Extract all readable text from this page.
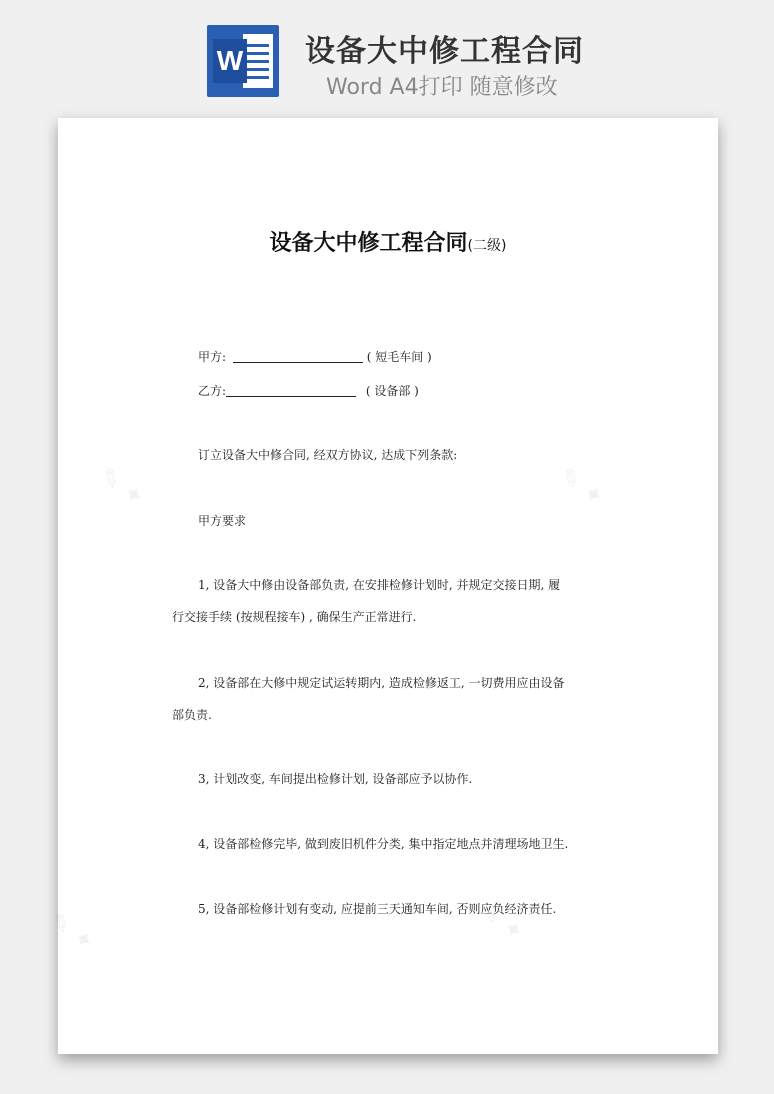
W 设备大中修工程合同
Word A4打印 随意修改
✎ ✦	✎ ✦
✎ ✦	✎ ✦
设备大中修工程合同(二级)
甲方:	( 短毛车间 )
乙方:	( 设备部 )
订立设备大中修合同, 经双方协议, 达成下列条款:
甲方要求
1, 设备大中修由设备部负责, 在安排检修计划时, 并规定交接日期, 履
行交接手续 (按规程接车) , 确保生产正常进行.
2, 设备部在大修中规定试运转期内, 造成检修返工, 一切费用应由设备
部负责.
3, 计划改变, 车间提出检修计划, 设备部应予以协作.
4, 设备部检修完毕, 做到废旧机件分类, 集中指定地点并清理场地卫生.
5, 设备部检修计划有变动, 应提前三天通知车间, 否则应负经济责任.
